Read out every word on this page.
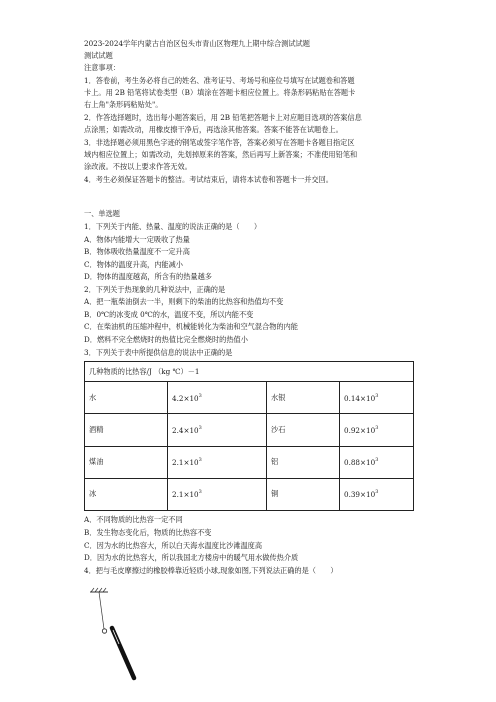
2023-2024学年内蒙古自治区包头市青山区物理九上期中综合测试试题
测试试题
注意事项：
1．答卷前，考生务必将自己的姓名、准考证号、考场号和座位号填写在试题卷和答题
卡上。用 2B 铅笔将试卷类型（B）填涂在答题卡相应位置上。将条形码粘贴在答题卡
右上角"条形码粘贴处"。
2．作答选择题时，选出每小题答案后，用 2B 铅笔把答题卡上对应题目选项的答案信息
点涂黑；如需改动，用橡皮擦干净后，再选涂其他答案。答案不能答在试题卷上。
3．非选择题必须用黑色字迹的钢笔或签字笔作答，答案必须写在答题卡各题目指定区
域内相应位置上；如需改动，先划掉原来的答案，然后再写上新答案；不准使用铅笔和
涂改液。不按以上要求作答无效。
4．考生必须保证答题卡的整洁。考试结束后，请将本试卷和答题卡一并交回。
一、单选题
1．下列关于内能、热量、温度的说法正确的是（　　）
A．物体内能增大一定吸收了热量
B．物体吸收热量温度不一定升高
C．物体的温度升高，内能减小
D．物体的温度越高，所含有的热量越多
2．下列关于热现象的几种说法中，正确的是
A．把一瓶柴油倒去一半，则剩下的柴油的比热容和热值均不变
B．0℃的冰变成 0℃的水，温度不变，所以内能不变
C．在柴油机的压缩冲程中，机械能转化为柴油和空气混合物的内能
D．燃料不完全燃烧时的热值比完全燃烧时的热值小
3．下列关于表中所提供信息的说法中正确的是
几种物质的比热容/J （kg ℃）－1			
水	$4.2\times 10^3$	水银	$0.14\times 10^3$
酒精	$2.4\times 10^3$	沙石	$0.92\times 10^3$
煤油	$2.1\times 10^3$	铝	$0.88\times 10^3$
冰	$2.1\times 10^3$	铜	$0.39\times 10^3$
A．不同物质的比热容一定不同
B．发生物态变化后，物质的比热容不变
C．因为水的比热容大，所以白天海水温度比沙滩温度高
D．因为水的比热容大，所以我国北方楼房中的暖气用水做传热介质
4．把与毛皮摩擦过的橡胶棒靠近轻质小球,现象如图,下列说法正确的是（　　）
